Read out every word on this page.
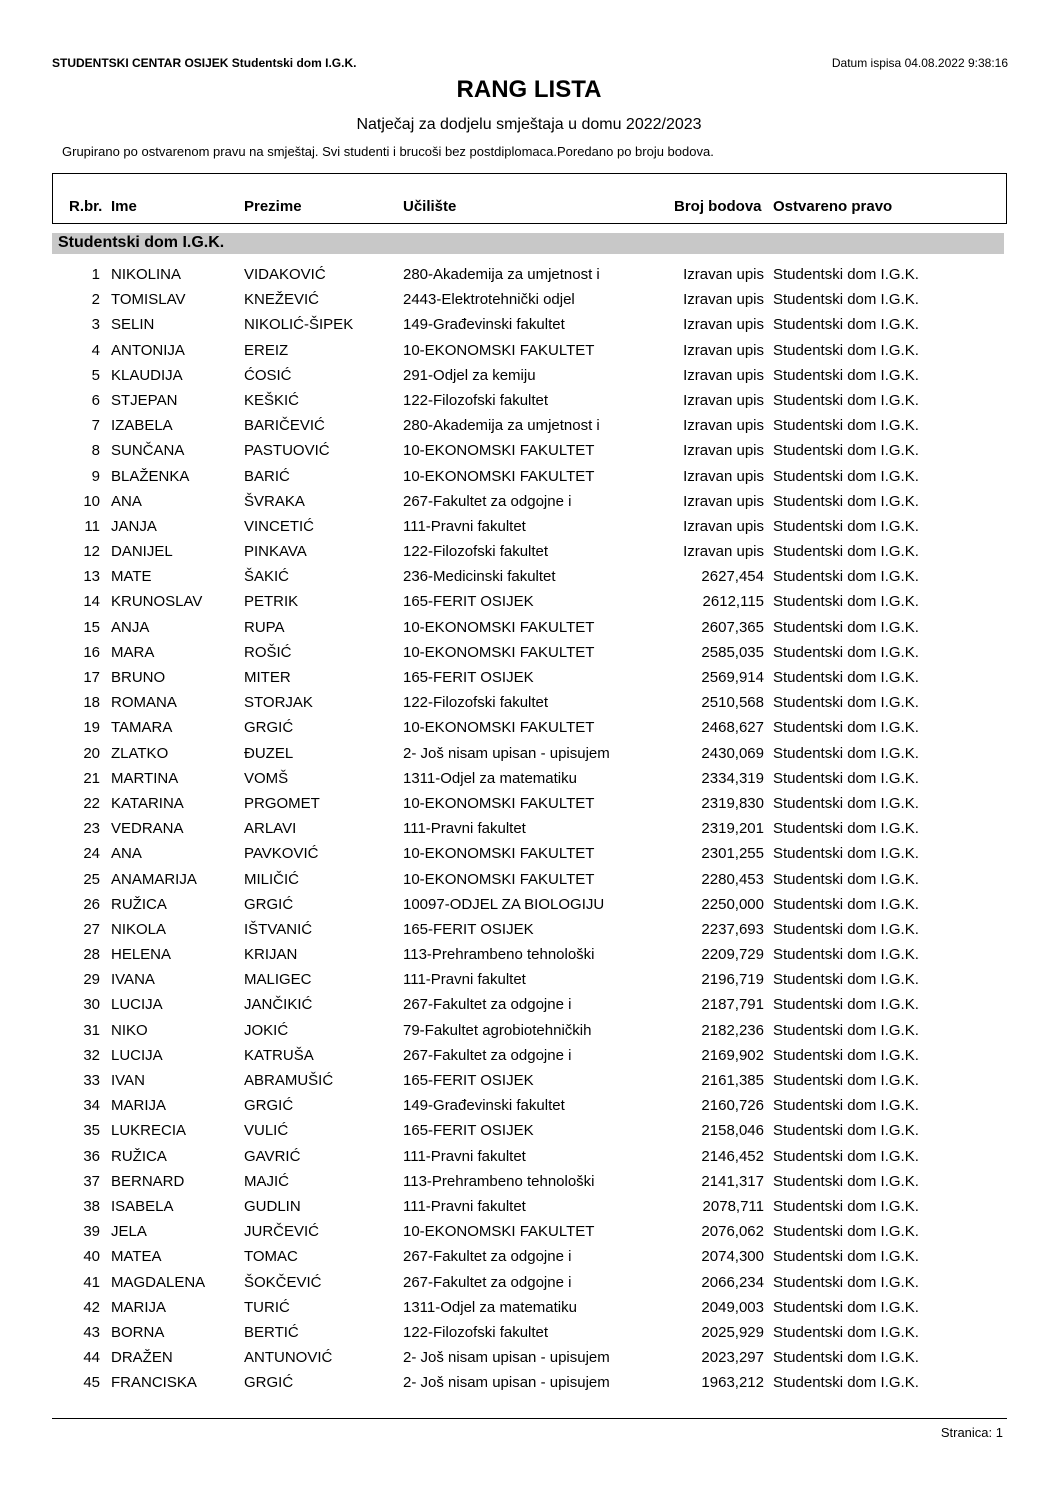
STUDENTSKI CENTAR OSIJEK Studentski dom I.G.K.	Datum ispisa 04.08.2022 9:38:16
RANG LISTA
Natječaj za dodjelu smještaja u domu 2022/2023
Grupirano po ostvarenom pravu na smještaj. Svi studenti i brucoši bez postdiplomaca.Poredano po broju bodova.
R.br. Ime	Prezime	Učilište	Broj bodova Ostvareno pravo
Studentski dom I.G.K.
1 NIKOLINA	VIDAKOVIĆ	280-Akademija za umjetnost i	Izravan upis Studentski dom I.G.K.
2 TOMISLAV	KNEŽEVIĆ	2443-Elektrotehnički odjel	Izravan upis Studentski dom I.G.K.
3 SELIN	NIKOLIĆ-ŠIPEK	149-Građevinski fakultet	Izravan upis Studentski dom I.G.K.
4 ANTONIJA	EREIZ	10-EKONOMSKI FAKULTET	Izravan upis Studentski dom I.G.K.
5 KLAUDIJA	ĆOSIĆ	291-Odjel za kemiju	Izravan upis Studentski dom I.G.K.
6 STJEPAN	KEŠKIĆ	122-Filozofski fakultet	Izravan upis Studentski dom I.G.K.
7 IZABELA	BARIČEVIĆ	280-Akademija za umjetnost i	Izravan upis Studentski dom I.G.K.
8 SUNČANA	PASTUOVIĆ	10-EKONOMSKI FAKULTET	Izravan upis Studentski dom I.G.K.
9 BLAŽENKA	BARIĆ	10-EKONOMSKI FAKULTET	Izravan upis Studentski dom I.G.K.
10 ANA	ŠVRAKA	267-Fakultet za odgojne i	Izravan upis Studentski dom I.G.K.
11 JANJA	VINCETIĆ	111-Pravni fakultet	Izravan upis Studentski dom I.G.K.
12 DANIJEL	PINKAVA	122-Filozofski fakultet	Izravan upis Studentski dom I.G.K.
13 MATE	ŠAKIĆ	236-Medicinski fakultet	2627,454 Studentski dom I.G.K.
14 KRUNOSLAV	PETRIK	165-FERIT OSIJEK	2612,115 Studentski dom I.G.K.
15 ANJA	RUPA	10-EKONOMSKI FAKULTET	2607,365 Studentski dom I.G.K.
16 MARA	ROŠIĆ	10-EKONOMSKI FAKULTET	2585,035 Studentski dom I.G.K.
17 BRUNO	MITER	165-FERIT OSIJEK	2569,914 Studentski dom I.G.K.
18 ROMANA	STORJAK	122-Filozofski fakultet	2510,568 Studentski dom I.G.K.
19 TAMARA	GRGIĆ	10-EKONOMSKI FAKULTET	2468,627 Studentski dom I.G.K.
20 ZLATKO	ĐUZEL	2- Još nisam upisan - upisujem	2430,069 Studentski dom I.G.K.
21 MARTINA	VOMŠ	1311-Odjel za matematiku	2334,319 Studentski dom I.G.K.
22 KATARINA	PRGOMET	10-EKONOMSKI FAKULTET	2319,830 Studentski dom I.G.K.
23 VEDRANA	ARLAVI	111-Pravni fakultet	2319,201 Studentski dom I.G.K.
24 ANA	PAVKOVIĆ	10-EKONOMSKI FAKULTET	2301,255 Studentski dom I.G.K.
25 ANAMARIJA	MILIČIĆ	10-EKONOMSKI FAKULTET	2280,453 Studentski dom I.G.K.
26 RUŽICA	GRGIĆ	10097-ODJEL ZA BIOLOGIJU	2250,000 Studentski dom I.G.K.
27 NIKOLA	IŠTVANIĆ	165-FERIT OSIJEK	2237,693 Studentski dom I.G.K.
28 HELENA	KRIJAN	113-Prehrambeno tehnološki	2209,729 Studentski dom I.G.K.
29 IVANA	MALIGEC	111-Pravni fakultet	2196,719 Studentski dom I.G.K.
30 LUCIJA	JANČIKIĆ	267-Fakultet za odgojne i	2187,791 Studentski dom I.G.K.
31 NIKO	JOKIĆ	79-Fakultet agrobiotehničkih	2182,236 Studentski dom I.G.K.
32 LUCIJA	KATRUŠA	267-Fakultet za odgojne i	2169,902 Studentski dom I.G.K.
33 IVAN	ABRAMUŠIĆ	165-FERIT OSIJEK	2161,385 Studentski dom I.G.K.
34 MARIJA	GRGIĆ	149-Građevinski fakultet	2160,726 Studentski dom I.G.K.
35 LUKRECIA	VULIĆ	165-FERIT OSIJEK	2158,046 Studentski dom I.G.K.
36 RUŽICA	GAVRIĆ	111-Pravni fakultet	2146,452 Studentski dom I.G.K.
37 BERNARD	MAJIĆ	113-Prehrambeno tehnološki	2141,317 Studentski dom I.G.K.
38 ISABELA	GUDLIN	111-Pravni fakultet	2078,711 Studentski dom I.G.K.
39 JELA	JURČEVIĆ	10-EKONOMSKI FAKULTET	2076,062 Studentski dom I.G.K.
40 MATEA	TOMAC	267-Fakultet za odgojne i	2074,300 Studentski dom I.G.K.
41 MAGDALENA	ŠOKČEVIĆ	267-Fakultet za odgojne i	2066,234 Studentski dom I.G.K.
42 MARIJA	TURIĆ	1311-Odjel za matematiku	2049,003 Studentski dom I.G.K.
43 BORNA	BERTIĆ	122-Filozofski fakultet	2025,929 Studentski dom I.G.K.
44 DRAŽEN	ANTUNOVIĆ	2- Još nisam upisan - upisujem	2023,297 Studentski dom I.G.K.
45 FRANCISKA	GRGIĆ	2- Još nisam upisan - upisujem	1963,212 Studentski dom I.G.K.
Stranica: 1
